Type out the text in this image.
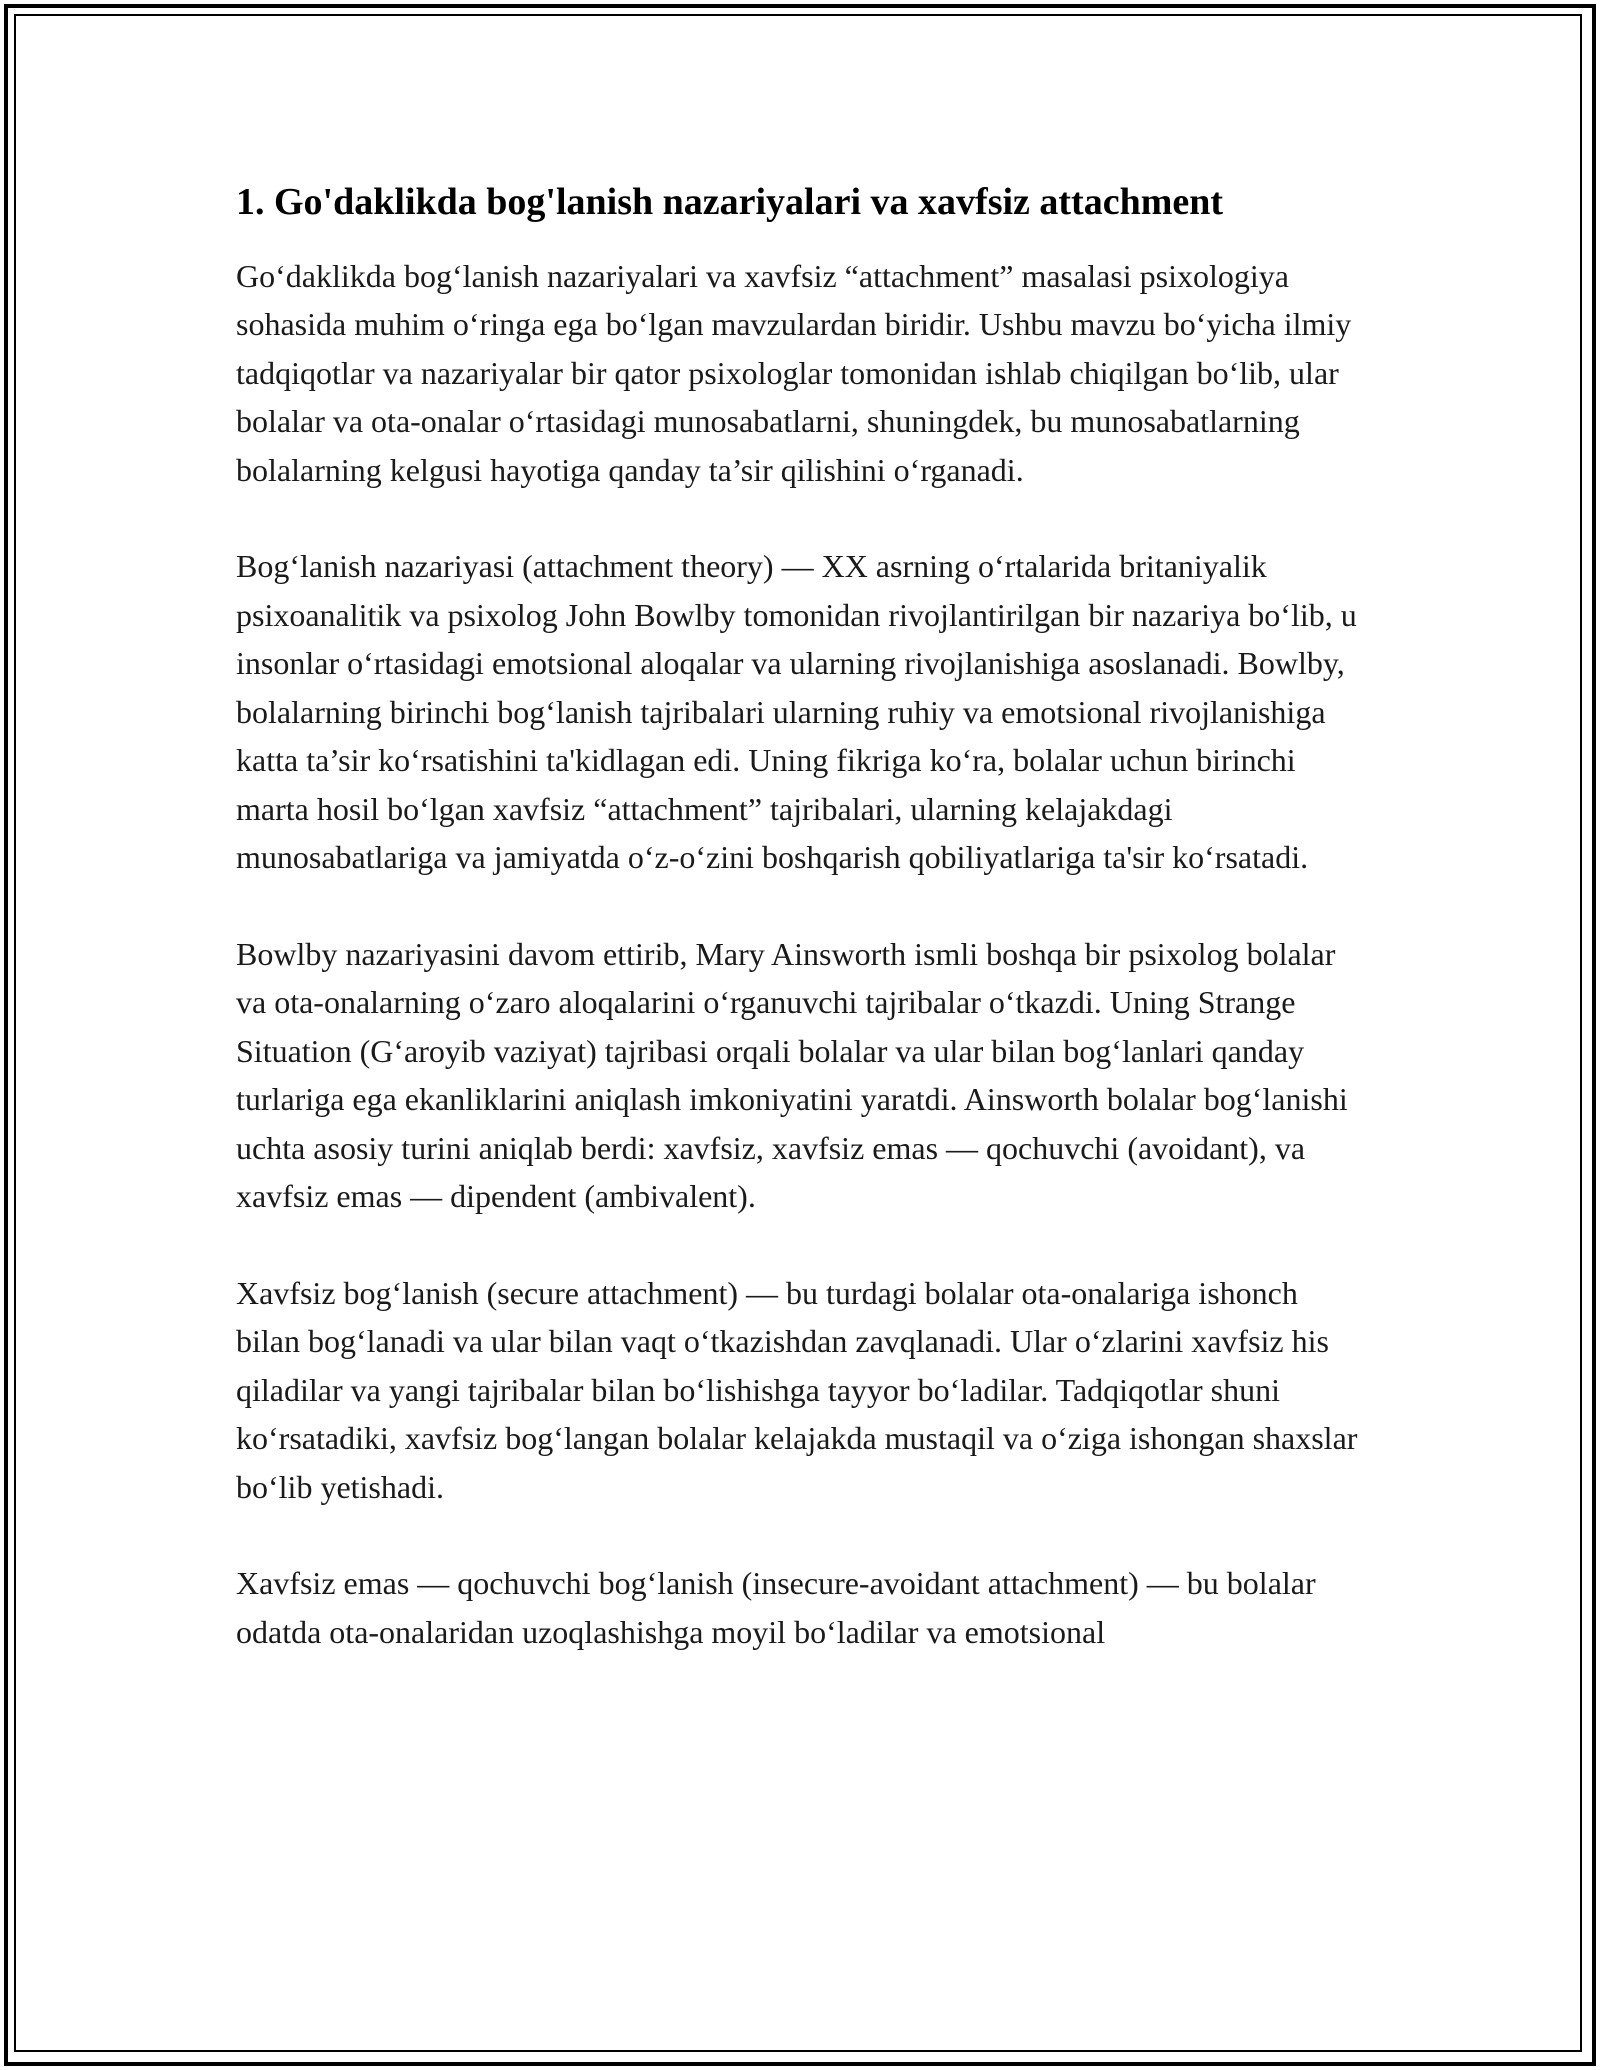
1. Go'daklikda bog'lanish nazariyalari va xavfsiz attachment

Go‘daklikda bog‘lanish nazariyalari va xavfsiz “attachment” masalasi psixologiya sohasida muhim o‘ringa ega bo‘lgan mavzulardan biridir. Ushbu mavzu bo‘yicha ilmiy tadqiqotlar va nazariyalar bir qator psixologlar tomonidan ishlab chiqilgan bo‘lib, ular bolalar va ota-onalar o‘rtasidagi munosabatlarni, shuningdek, bu munosabatlarning bolalarning kelgusi hayotiga qanday ta’sir qilishini o‘rganadi.

Bog‘lanish nazariyasi (attachment theory) — XX asrning o‘rtalarida britaniyalik psixoanalitik va psixolog John Bowlby tomonidan rivojlantirilgan bir nazariya bo‘lib, u insonlar o‘rtasidagi emotsional aloqalar va ularning rivojlanishiga asoslanadi. Bowlby, bolalarning birinchi bog‘lanish tajribalari ularning ruhiy va emotsional rivojlanishiga katta ta’sir ko‘rsatishini ta'kidlagan edi. Uning fikriga ko‘ra, bolalar uchun birinchi marta hosil bo‘lgan xavfsiz “attachment” tajribalari, ularning kelajakdagi munosabatlariga va jamiyatda o‘z-o‘zini boshqarish qobiliyatlariga ta'sir ko‘rsatadi.

Bowlby nazariyasini davom ettirib, Mary Ainsworth ismli boshqa bir psixolog bolalar va ota-onalarning o‘zaro aloqalarini o‘rganuvchi tajribalar o‘tkazdi. Uning Strange Situation (G‘aroyib vaziyat) tajribasi orqali bolalar va ular bilan bog‘lanlari qanday turlariga ega ekanliklarini aniqlash imkoniyatini yaratdi. Ainsworth bolalar bog‘lanishi uchta asosiy turini aniqlab berdi: xavfsiz, xavfsiz emas — qochuvchi (avoidant), va xavfsiz emas — dipendent (ambivalent).

Xavfsiz bog‘lanish (secure attachment) — bu turdagi bolalar ota-onalariga ishonch bilan bog‘lanadi va ular bilan vaqt o‘tkazishdan zavqlanadi. Ular o‘zlarini xavfsiz his qiladilar va yangi tajribalar bilan bo‘lishishga tayyor bo‘ladilar. Tadqiqotlar shuni ko‘rsatadiki, xavfsiz bog‘langan bolalar kelajakda mustaqil va o‘ziga ishongan shaxslar bo‘lib yetishadi.

Xavfsiz emas — qochuvchi bog‘lanish (insecure-avoidant attachment) — bu bolalar odatda ota-onalaridan uzoqlashishga moyil bo‘ladilar va emotsional
